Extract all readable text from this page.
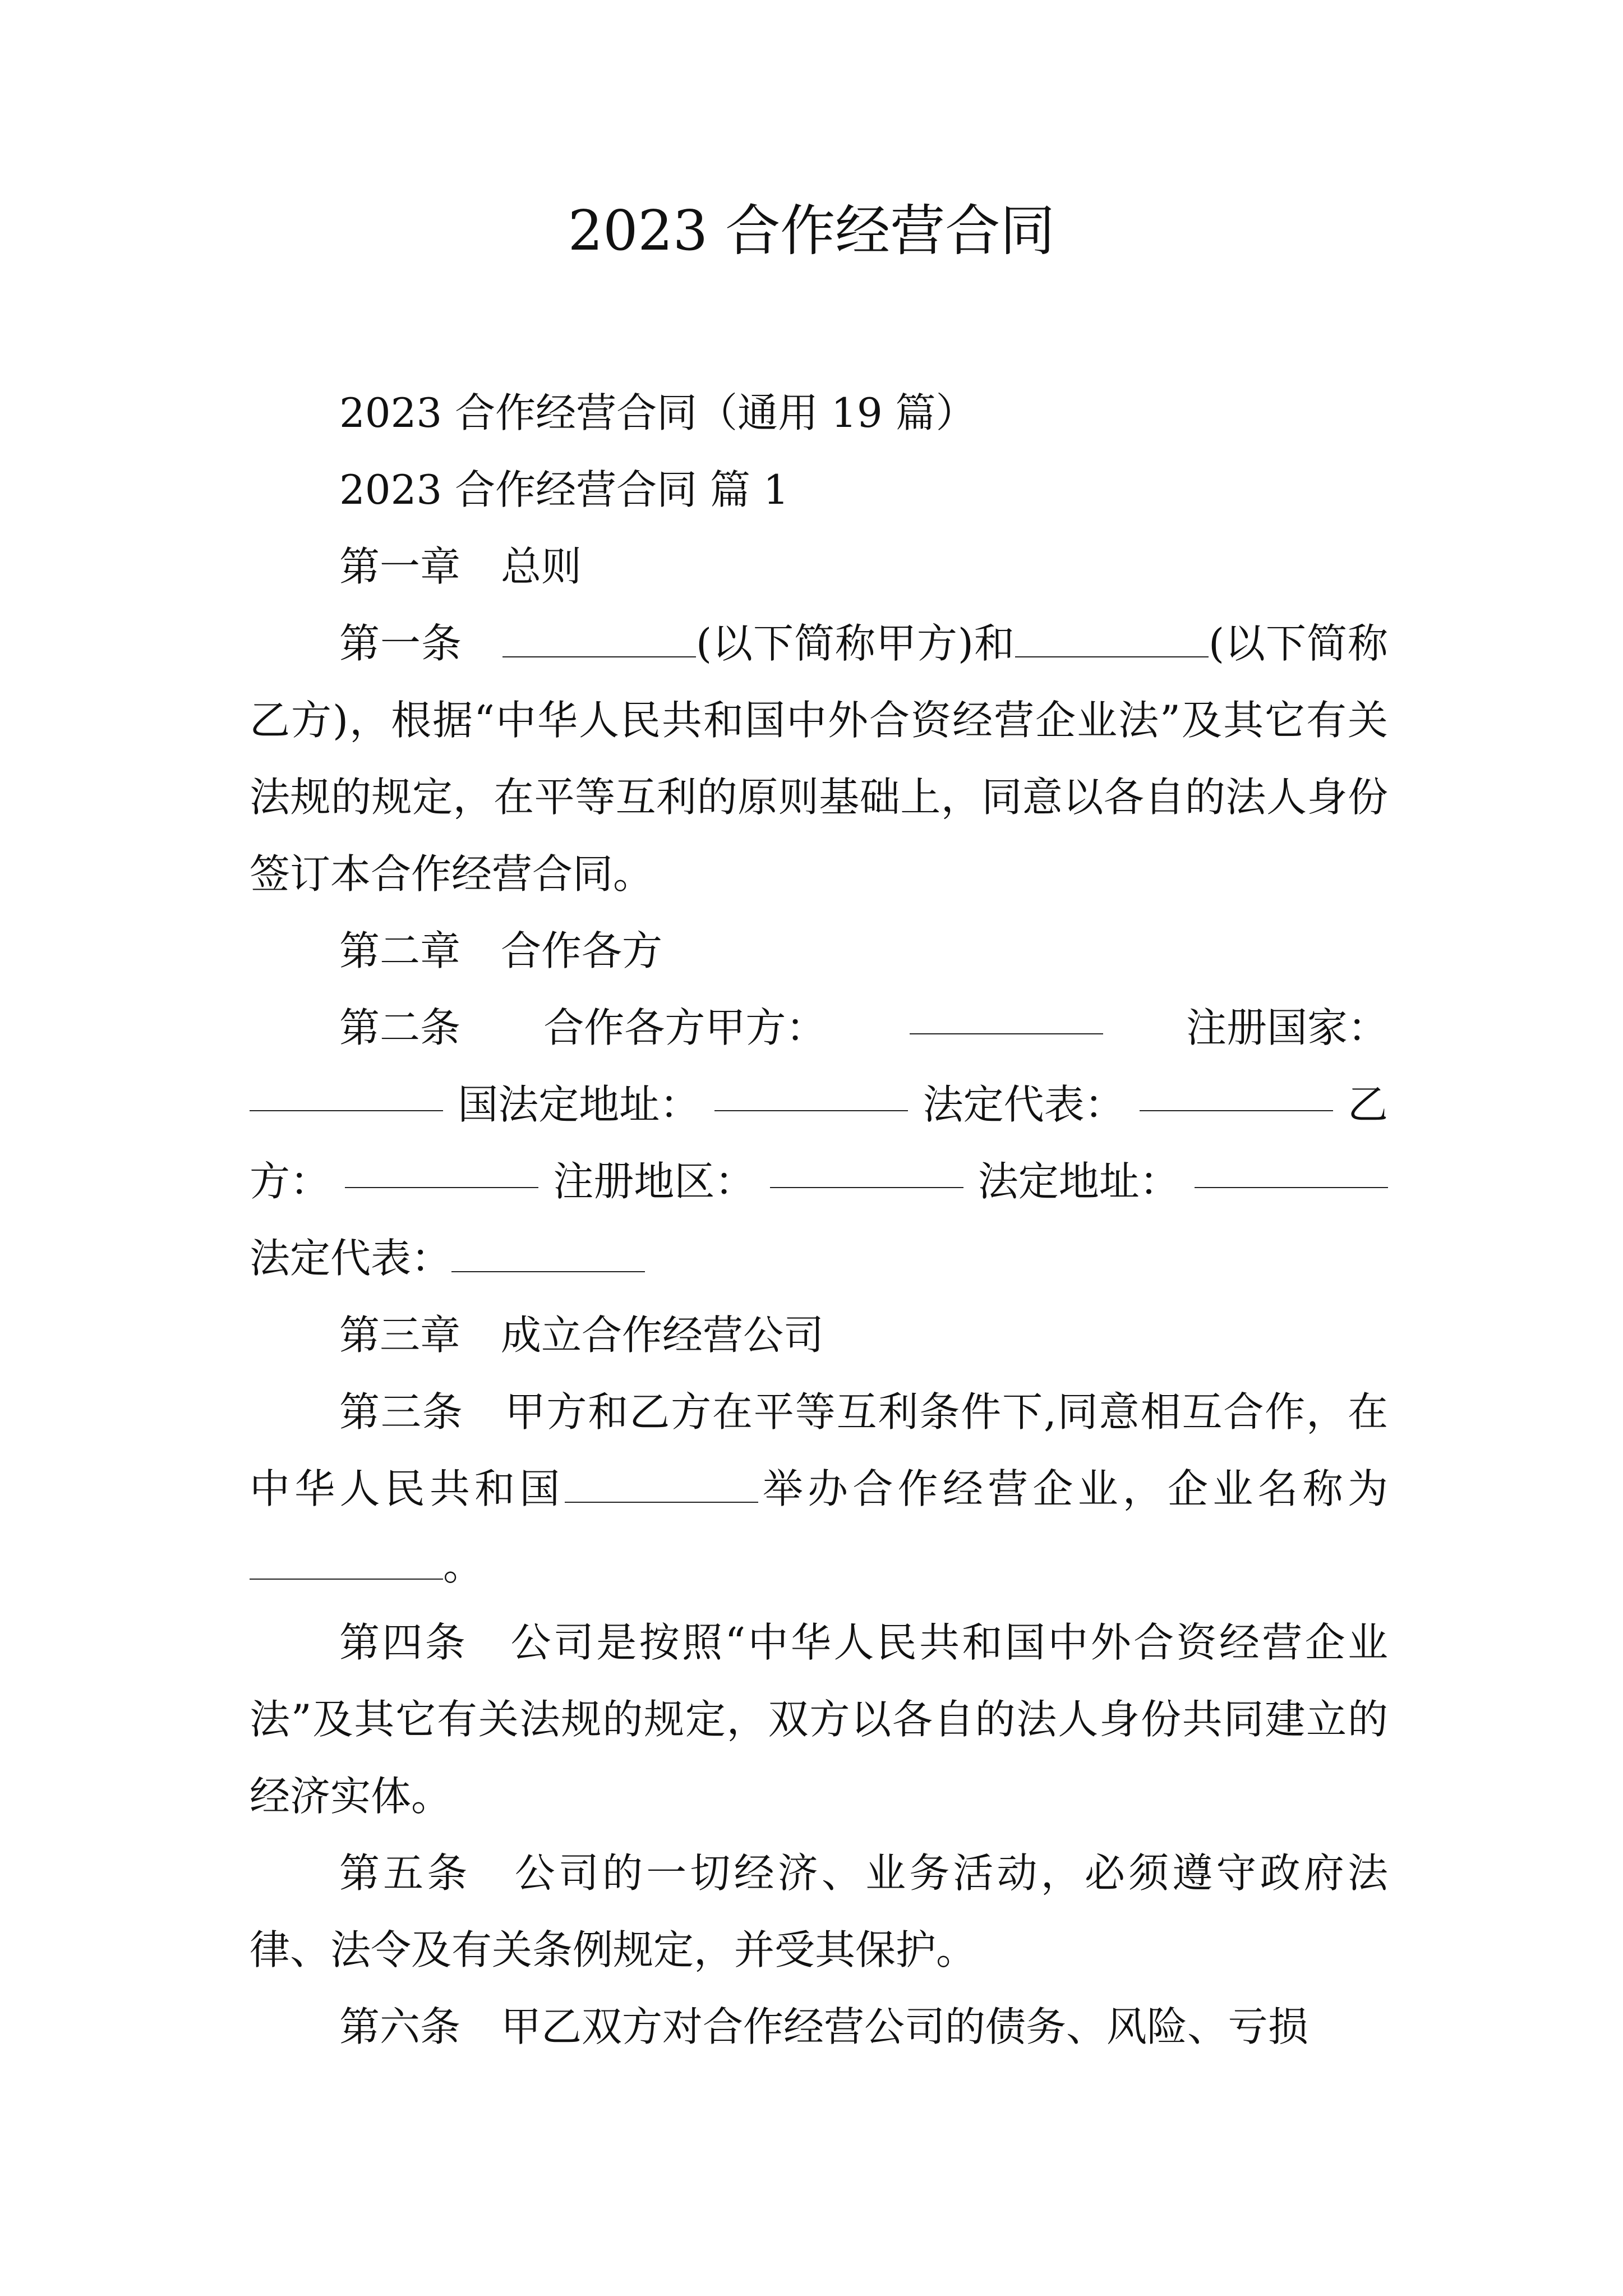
2023 合作经营合同

2023 合作经营合同（通用 19 篇）

2023 合作经营合同 篇 1

第一章 总则

第一条	(以下简称甲方)和	(以下简称乙方)，根据“中华人民共和国中外合资经营企业法”及其它有关法规的规定，在平等互利的原则基础上，同意以各自的法人身份签订本合作经营合同。

第二章 合作各方

第二条 合作各方甲方：	注册国家：
国法定地址：	法定代表：	乙
方：	注册地区：	法定地址：
法定代表：

第三章 成立合作经营公司

第三条 甲方和乙方在平等互利条件下,同意相互合作，在中华人民共和国	举办合作经营企业，企业名称为。

第四条 公司是按照“中华人民共和国中外合资经营企业法”及其它有关法规的规定，双方以各自的法人身份共同建立的经济实体。

第五条 公司的一切经济、业务活动，必须遵守政府法律、法令及有关条例规定，并受其保护。

第六条 甲乙双方对合作经营公司的债务、风险、亏损
